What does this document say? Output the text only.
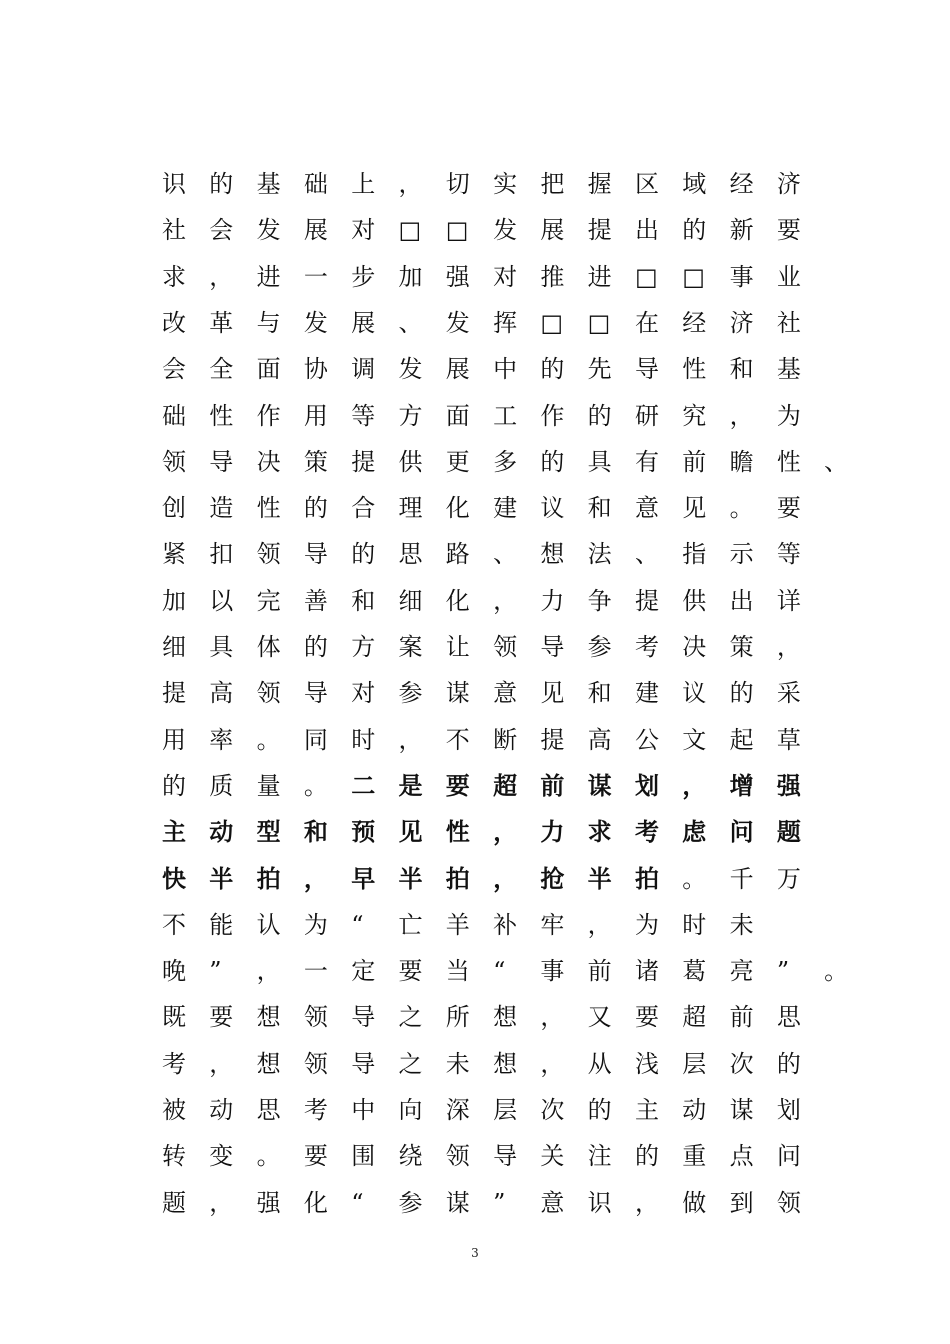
识 的 基 础 上 ， 切 实 把 握 区 域 经 济
社 会 发 展 对 □ □ 发 展 提 出 的 新 要
求 ， 进 一 步 加 强 对 推 进 □ □ 事 业
改 革 与 发 展 、 发 挥 □ □ 在 经 济 社
会 全 面 协 调 发 展 中 的 先 导 性 和 基
础 性 作 用 等 方 面 工 作 的 研 究 ， 为
领 导 决 策 提 供 更 多 的 具 有 前 瞻 性 、
创 造 性 的 合 理 化 建 议 和 意 见 。 要
紧 扣 领 导 的 思 路 、 想 法 、 指 示 等
加 以 完 善 和 细 化 ， 力 争 提 供 出 详
细 具 体 的 方 案 让 领 导 参 考 决 策 ，
提 高 领 导 对 参 谋 意 见 和 建 议 的 采
用 率 。 同 时 ， 不 断 提 高 公 文 起 草
的 质 量 。 二 是 要 超 前 谋 划 ， 增 强
主 动 型 和 预 见 性 ， 力 求 考 虑 问 题
快 半 拍 ， 早 半 拍 ， 抢 半 拍 。 千 万
不 能 认 为 “ 亡 羊 补 牢 ， 为 时 未
晚 ” ， 一 定 要 当 “ 事 前 诸 葛 亮 ” 。
既 要 想 领 导 之 所 想 ， 又 要 超 前 思
考 ， 想 领 导 之 未 想 ， 从 浅 层 次 的
被 动 思 考 中 向 深 层 次 的 主 动 谋 划
转 变 。 要 围 绕 领 导 关 注 的 重 点 问
题 ， 强 化 “ 参 谋 ” 意 识 ， 做 到 领
3
